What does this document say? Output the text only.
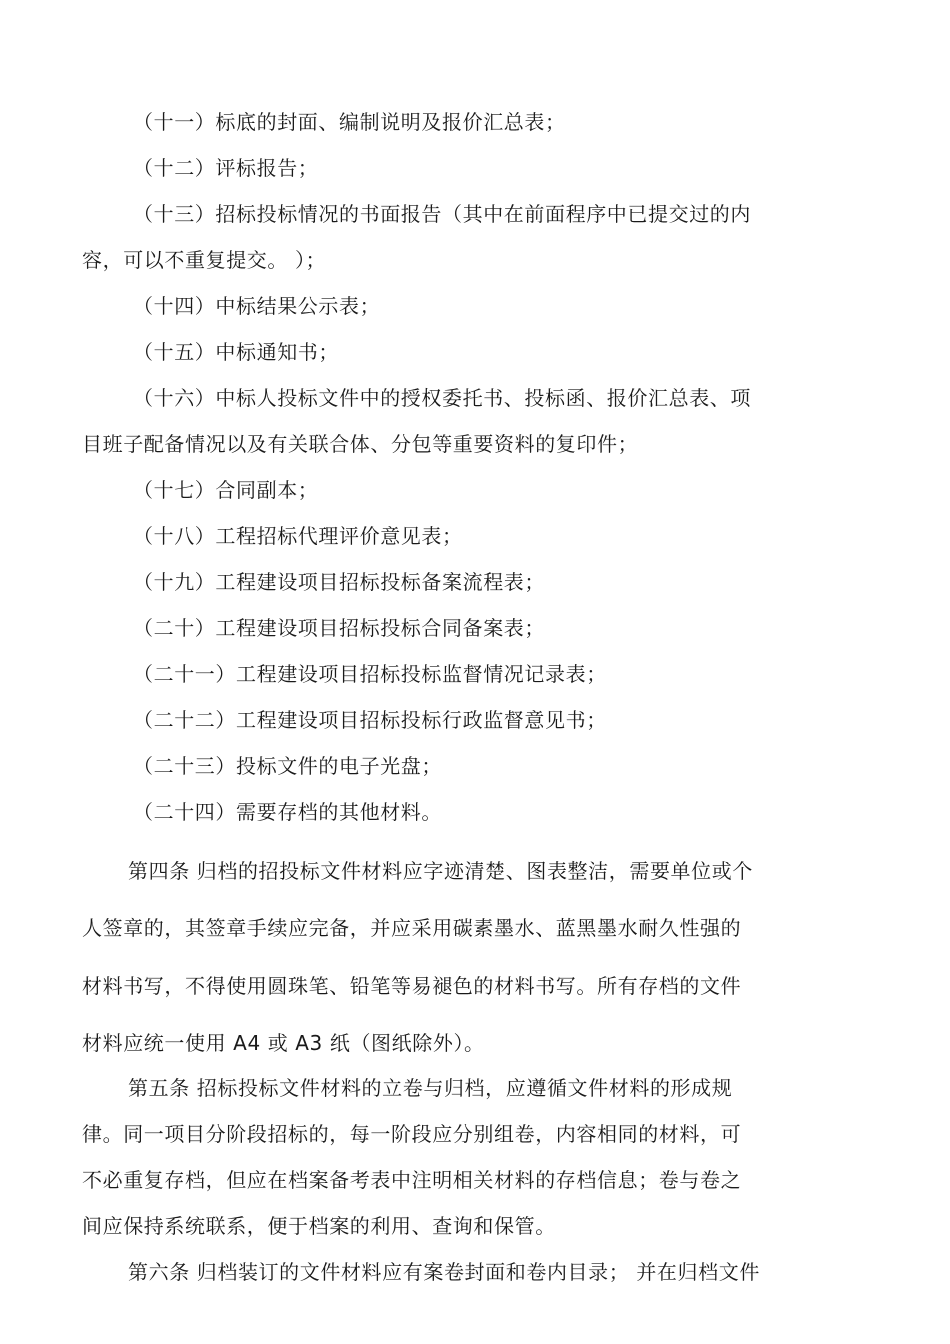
（十一）标底的封面、编制说明及报价汇总表；
（十二）评标报告；
（十三）招标投标情况的书面报告（其中在前面程序中已提交过的内
容，可以不重复提交。 ）；
（十四）中标结果公示表；
（十五）中标通知书；
（十六）中标人投标文件中的授权委托书、投标函、报价汇总表、项
目班子配备情况以及有关联合体、分包等重要资料的复印件；
（十七）合同副本；
（十八）工程招标代理评价意见表；
（十九）工程建设项目招标投标备案流程表；
（二十）工程建设项目招标投标合同备案表；
（二十一）工程建设项目招标投标监督情况记录表；
（二十二）工程建设项目招标投标行政监督意见书；
（二十三）投标文件的电子光盘；
（二十四）需要存档的其他材料。
第四条 归档的招投标文件材料应字迹清楚、图表整洁，需要单位或个
人签章的，其签章手续应完备，并应采用碳素墨水、蓝黑墨水耐久性强的
材料书写，不得使用圆珠笔、铅笔等易褪色的材料书写。所有存档的文件
材料应统一使用 A4 或 A3 纸（图纸除外）。
第五条 招标投标文件材料的立卷与归档，应遵循文件材料的形成规
律。同一项目分阶段招标的，每一阶段应分别组卷，内容相同的材料，可
不必重复存档，但应在档案备考表中注明相关材料的存档信息；卷与卷之
间应保持系统联系，便于档案的利用、查询和保管。
第六条 归档装订的文件材料应有案卷封面和卷内目录； 并在归档文件
